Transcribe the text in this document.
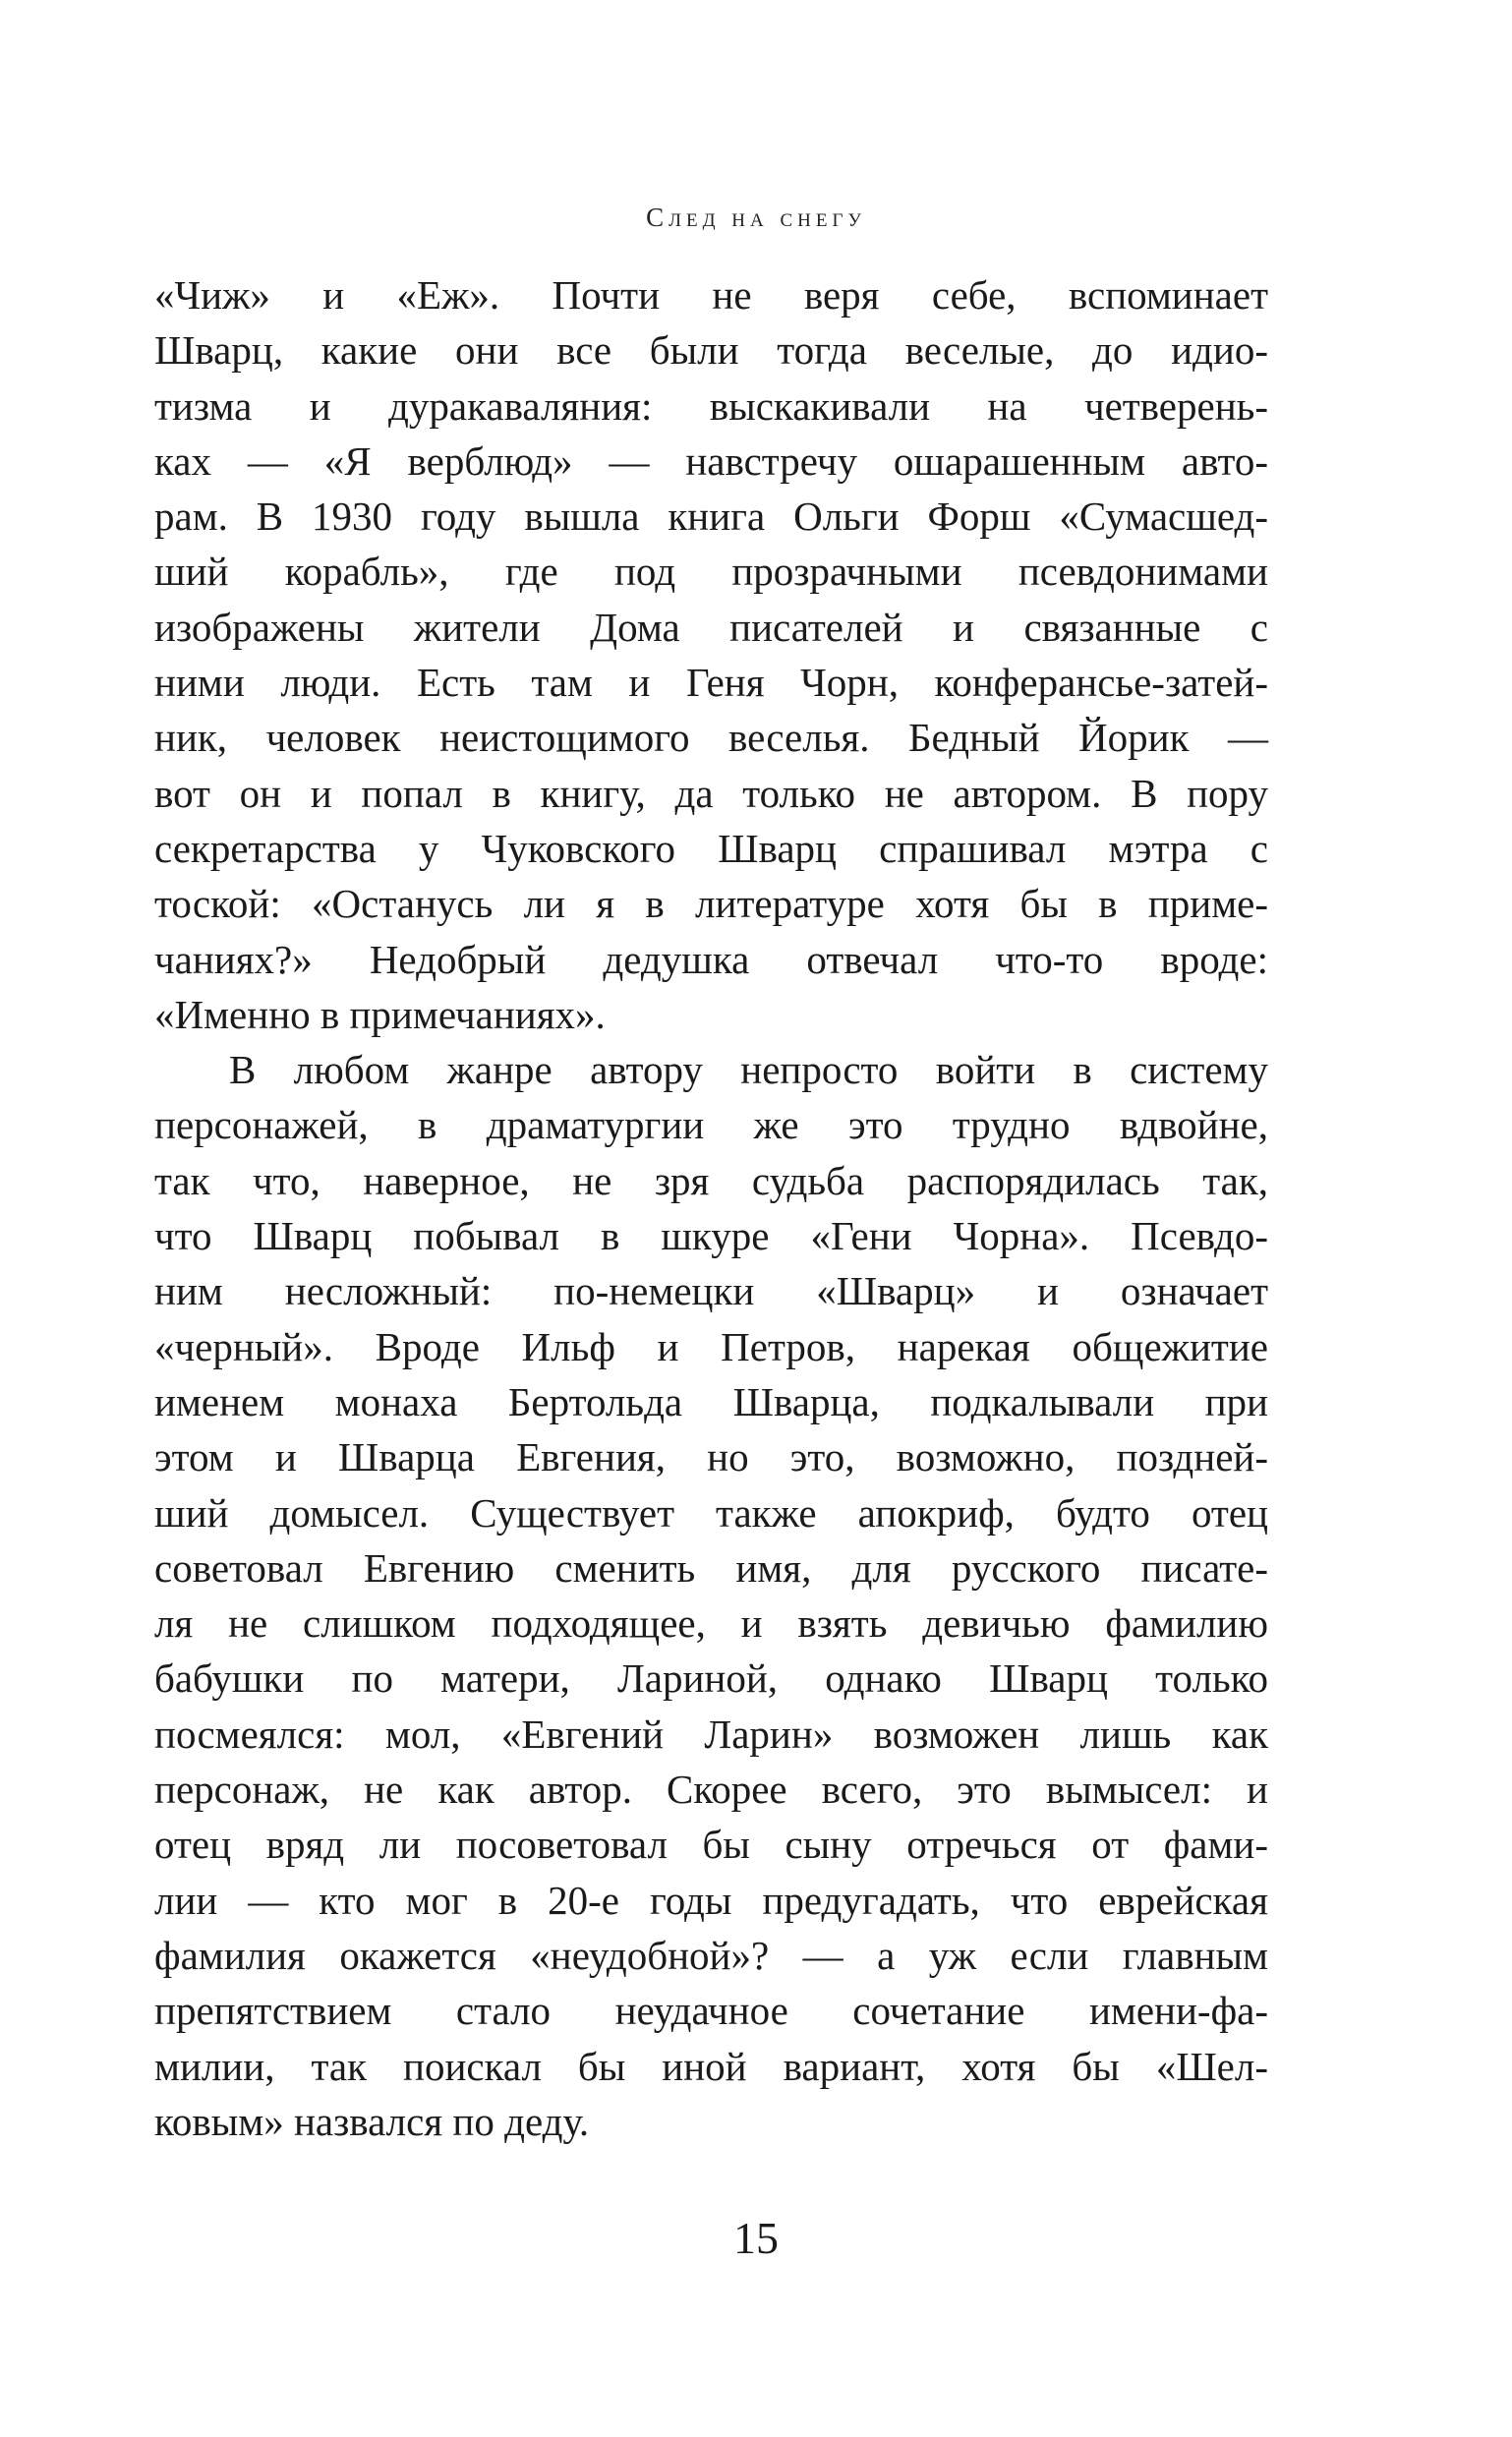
След на снегу
«Чиж» и «Еж». Почти не веря себе, вспоминает
Шварц, какие они все были тогда веселые, до идио-
тизма и дуракаваляния: выскакивали на четверень-
ках — «Я верблюд» — навстречу ошарашенным авто-
рам. В 1930 году вышла книга Ольги Форш «Сумасшед-
ший корабль», где под прозрачными псевдонимами
изображены жители Дома писателей и связанные с
ними люди. Есть там и Геня Чорн, конферансье-затей-
ник, человек неистощимого веселья. Бедный Йорик —
вот он и попал в книгу, да только не автором. В пору
секретарства у Чуковского Шварц спрашивал мэтра с
тоской: «Останусь ли я в литературе хотя бы в приме-
чаниях?» Недобрый дедушка отвечал что-то вроде:
«Именно в примечаниях».
В любом жанре автору непросто войти в систему
персонажей, в драматургии же это трудно вдвойне,
так что, наверное, не зря судьба распорядилась так,
что Шварц побывал в шкуре «Гени Чорна». Псевдо-
ним несложный: по-немецки «Шварц» и означает
«черный». Вроде Ильф и Петров, нарекая общежитие
именем монаха Бертольда Шварца, подкалывали при
этом и Шварца Евгения, но это, возможно, поздней-
ший домысел. Существует также апокриф, будто отец
советовал Евгению сменить имя, для русского писате-
ля не слишком подходящее, и взять девичью фамилию
бабушки по матери, Лариной, однако Шварц только
посмеялся: мол, «Евгений Ларин» возможен лишь как
персонаж, не как автор. Скорее всего, это вымысел: и
отец вряд ли посоветовал бы сыну отречься от фами-
лии — кто мог в 20-е годы предугадать, что еврейская
фамилия окажется «неудобной»? — а уж если главным
препятствием стало неудачное сочетание имени-фа-
милии, так поискал бы иной вариант, хотя бы «Шел-
ковым» назвался по деду.
15
